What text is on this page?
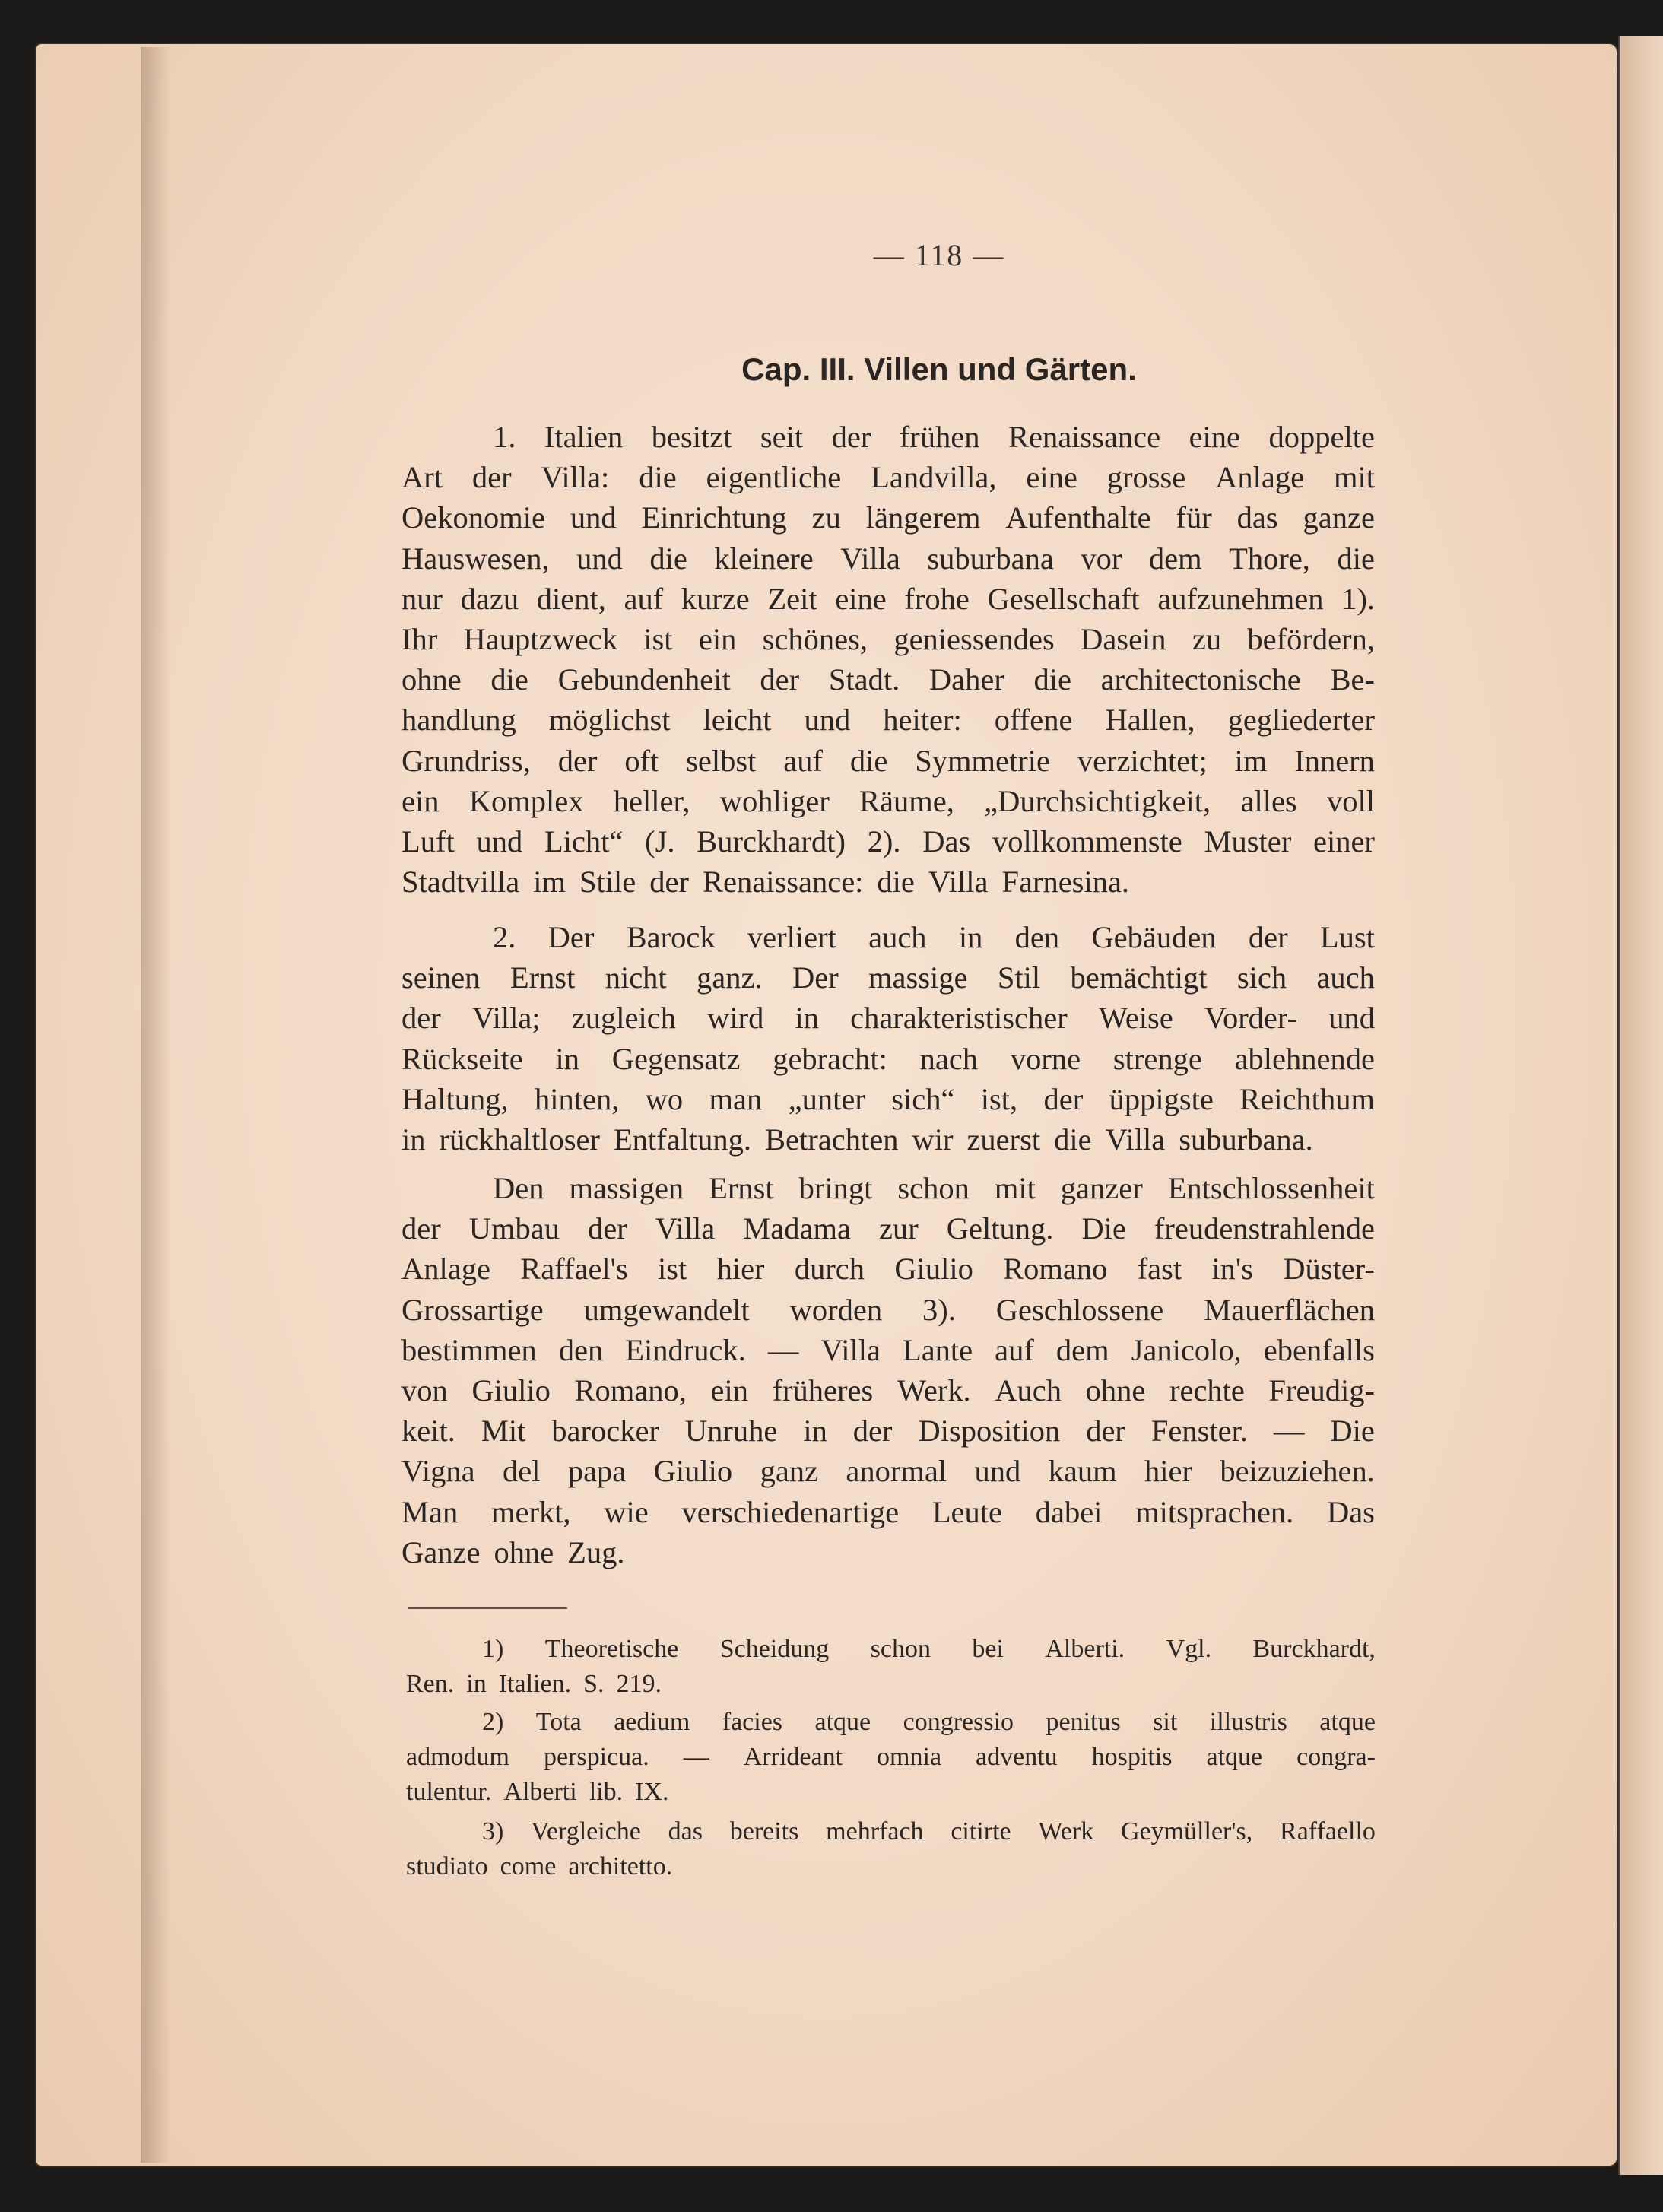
— 118 —
Cap. III. Villen und Gärten.
1. Italien besitzt seit der frühen Renaissance eine doppelte
Art der Villa: die eigentliche Landvilla, eine grosse Anlage mit
Oekonomie und Einrichtung zu längerem Aufenthalte für das ganze
Hauswesen, und die kleinere Villa suburbana vor dem Thore, die
nur dazu dient, auf kurze Zeit eine frohe Gesellschaft aufzunehmen 1).
Ihr Hauptzweck ist ein schönes, geniessendes Dasein zu befördern,
ohne die Gebundenheit der Stadt. Daher die architectonische Be-
handlung möglichst leicht und heiter: offene Hallen, gegliederter
Grundriss, der oft selbst auf die Symmetrie verzichtet; im Innern
ein Komplex heller, wohliger Räume, „Durchsichtigkeit, alles voll
Luft und Licht“ (J. Burckhardt) 2). Das vollkommenste Muster einer
Stadtvilla im Stile der Renaissance: die Villa Farnesina.
2. Der Barock verliert auch in den Gebäuden der Lust
seinen Ernst nicht ganz. Der massige Stil bemächtigt sich auch
der Villa; zugleich wird in charakteristischer Weise Vorder- und
Rückseite in Gegensatz gebracht: nach vorne strenge ablehnende
Haltung, hinten, wo man „unter sich“ ist, der üppigste Reichthum
in rückhaltloser Entfaltung. Betrachten wir zuerst die Villa suburbana.
Den massigen Ernst bringt schon mit ganzer Entschlossenheit
der Umbau der Villa Madama zur Geltung. Die freudenstrahlende
Anlage Raffael's ist hier durch Giulio Romano fast in's Düster-
Grossartige umgewandelt worden 3). Geschlossene Mauerflächen
bestimmen den Eindruck. — Villa Lante auf dem Janicolo, ebenfalls
von Giulio Romano, ein früheres Werk. Auch ohne rechte Freudig-
keit. Mit barocker Unruhe in der Disposition der Fenster. — Die
Vigna del papa Giulio ganz anormal und kaum hier beizuziehen.
Man merkt, wie verschiedenartige Leute dabei mitsprachen. Das
Ganze ohne Zug.
1) Theoretische Scheidung schon bei Alberti. Vgl. Burckhardt,
Ren. in Italien. S. 219.
2) Tota aedium facies atque congressio penitus sit illustris atque
admodum perspicua. — Arrideant omnia adventu hospitis atque congra-
tulentur. Alberti lib. IX.
3) Vergleiche das bereits mehrfach citirte Werk Geymüller's, Raffaello
studiato come architetto.
